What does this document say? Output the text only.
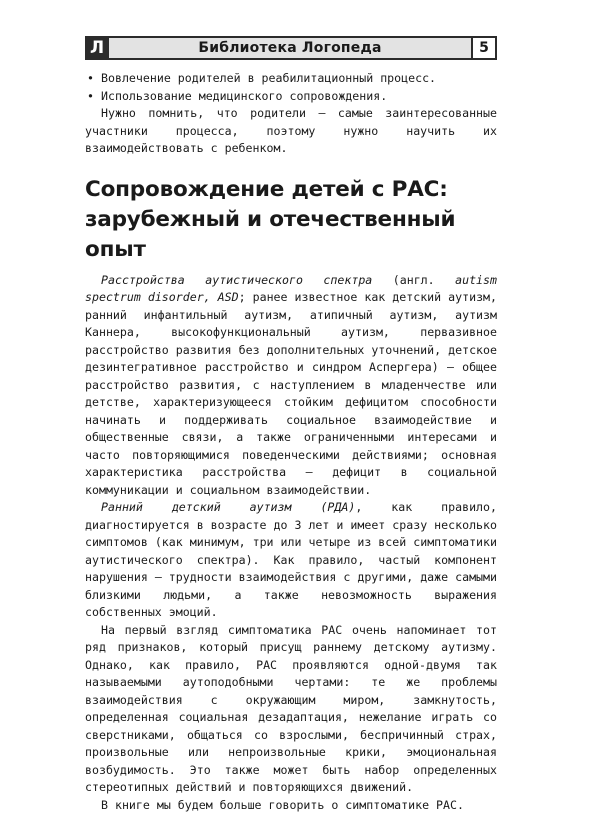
Л	Библиотека Логопеда	5
• Вовлечение родителей в реабилитационный процесс.
• Использование медицинского сопровождения.

Нужно помнить, что родители — самые заинтересованные участники процесса, поэтому нужно научить их взаимодействовать с ребенком.

Сопровождение детей с РАС:
зарубежный и отечественный опыт

Расстройства аутистического спектра (англ. autism spectrum disorder, ASD; ранее известное как детский аутизм, ранний инфантильный аутизм, атипичный аутизм, аутизм Каннера, высокофункциональный аутизм, первазивное расстройство развития без дополнительных уточнений, детское дезинтегративное расстройство и синдром Аспергера) — общее расстройство развития, с наступлением в младенчестве или детстве, характеризующееся стойким дефицитом способности начинать и поддерживать социальное взаимодействие и общественные связи, а также ограниченными интересами и часто повторяющимися поведенческими действиями; основная характеристика расстройства — дефицит в социальной коммуникации и социальном взаимодействии.

Ранний детский аутизм (РДА), как правило, диагностируется в возрасте до 3 лет и имеет сразу несколько симптомов (как минимум, три или четыре из всей симптоматики аутистического спектра). Как правило, частый компонент нарушения — трудности взаимодействия с другими, даже самыми близкими людьми, а также невозможность выражения собственных эмоций.

На первый взгляд симптоматика РАС очень напоминает тот ряд признаков, который присущ раннему детскому аутизму. Однако, как правило, РАС проявляются одной-двумя так называемыми аутоподобными чертами: те же проблемы взаимодействия с окружающим миром, замкнутость, определенная социальная дезадаптация, нежелание играть со сверстниками, общаться со взрослыми, беспричинный страх, произвольные или непроизвольные крики, эмоциональная возбудимость. Это также может быть набор определенных стереотипных действий и повторяющихся движений.

В книге мы будем больше говорить о симптоматике РАС.
